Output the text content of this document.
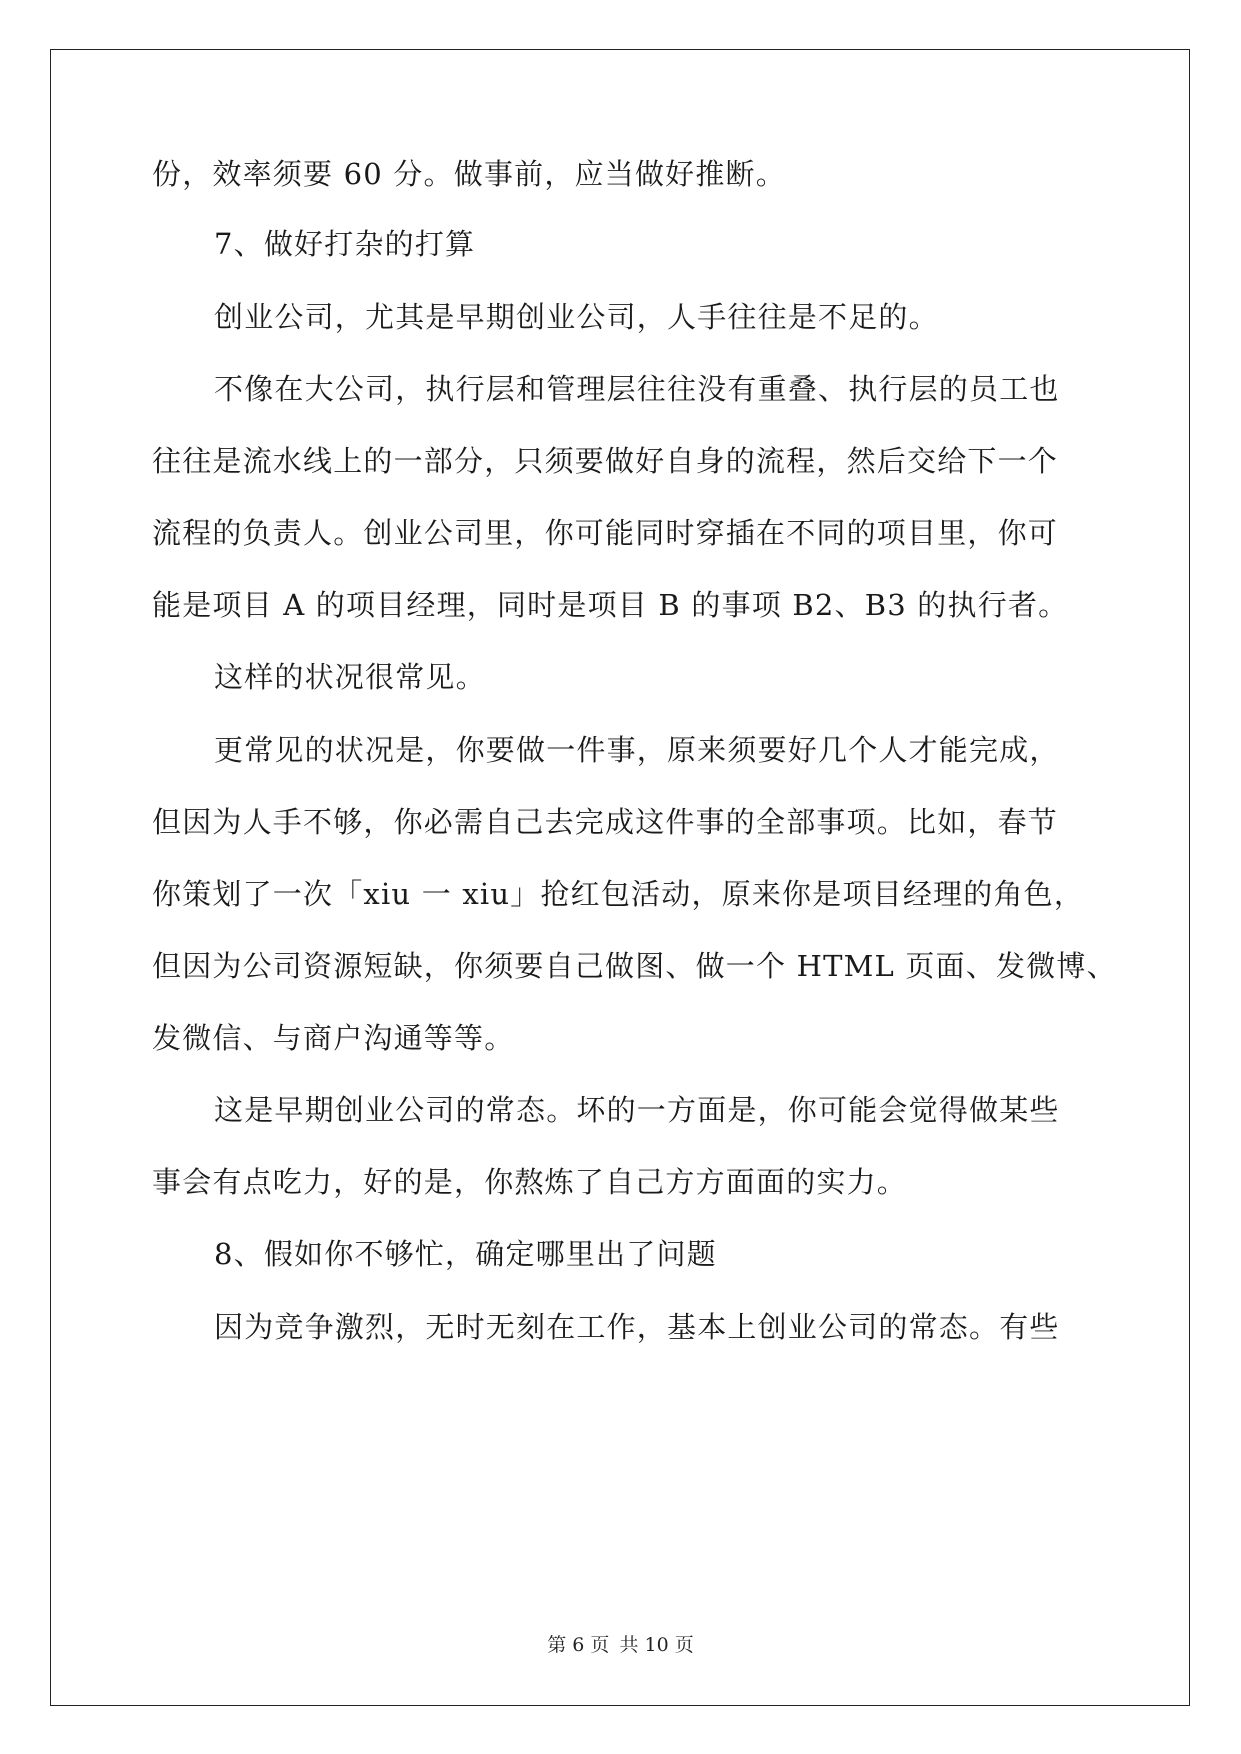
份，效率须要 60 分。做事前，应当做好推断。
7、做好打杂的打算
创业公司，尤其是早期创业公司，人手往往是不足的。
不像在大公司，执行层和管理层往往没有重叠、执行层的员工也
往往是流水线上的一部分，只须要做好自身的流程，然后交给下一个
流程的负责人。创业公司里，你可能同时穿插在不同的项目里，你可
能是项目 A 的项目经理，同时是项目 B 的事项 B2、B3 的执行者。
这样的状况很常见。
更常见的状况是，你要做一件事，原来须要好几个人才能完成，
但因为人手不够，你必需自己去完成这件事的全部事项。比如，春节
你策划了一次「xiu 一 xiu」抢红包活动，原来你是项目经理的角色，
但因为公司资源短缺，你须要自己做图、做一个 HTML 页面、发微博、
发微信、与商户沟通等等。
这是早期创业公司的常态。坏的一方面是，你可能会觉得做某些
事会有点吃力，好的是，你熬炼了自己方方面面的实力。
8、假如你不够忙，确定哪里出了问题
因为竞争激烈，无时无刻在工作，基本上创业公司的常态。有些
第 6 页 共 10 页
